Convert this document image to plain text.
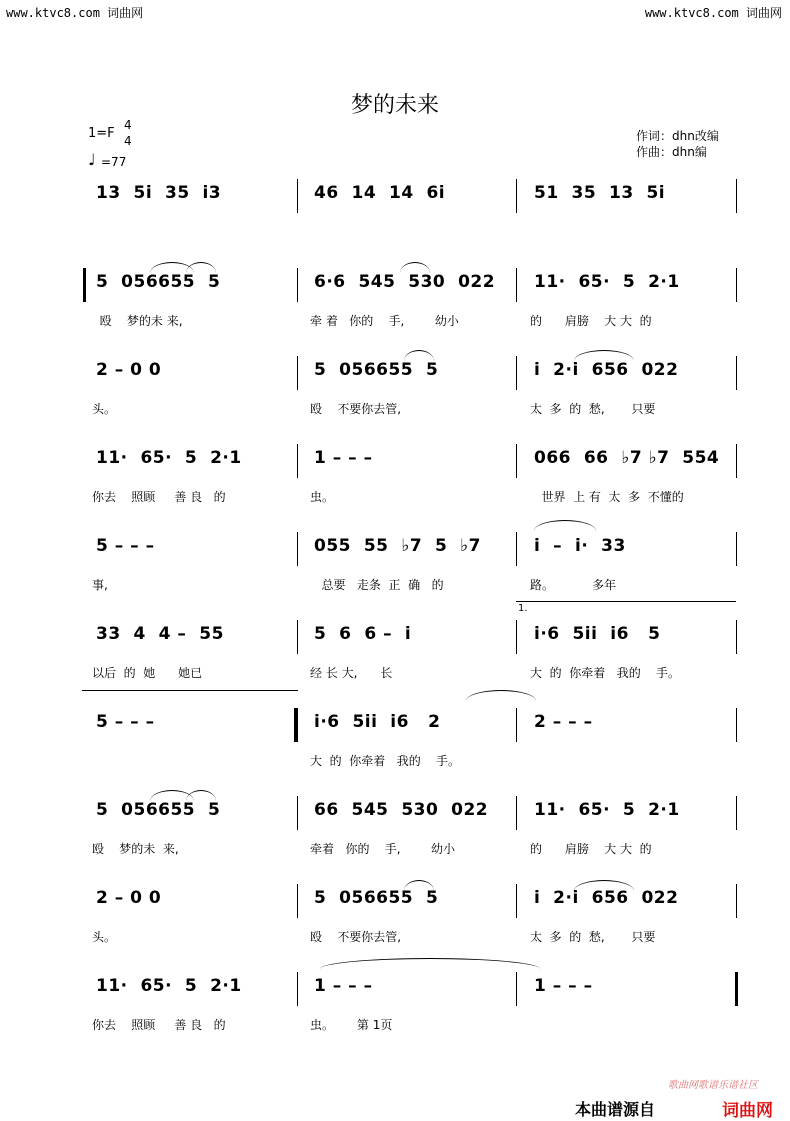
www.ktvc8.com 词曲网	www.ktvc8.com 词曲网
梦的未来
1=F
4
4
♩ =77
作词：dhn改编
作曲：dhn编
13  5i  35  i3	46  14  14  6i	51  35  13  5i
5  056655  5
殴    梦的未 来,
6·6  545  530  022
牵 着   你的    手,        幼小
11·  65·  5  2·1
的      肩膀    大 大  的
2 – 0 0
头。
5  056655  5
殴    不要你去管,
i  2·i  656  022
太  多  的  愁,       只要
11·  65·  5  2·1
你去    照顾     善 良   的
1 – – –
虫。
066  66  ♭7 ♭7  554
世界  上 有  太  多  不懂的
5 – – –
事,
055  55  ♭7  5  ♭7
总要   走条  正  确   的
i  –  i·  33
路。          多年
33  4  4 –  55
以后  的  她      她已
5  6  6 –  i
经 长 大,      长
i·6  5ii  i6   5
大  的  你牵着   我的    手。
5 – – –	i·6  5ii  i6   2
大  的  你牵着   我的    手。
2 – – –
5  056655  5
殴    梦的未  来,
66  545  530  022
牵着   你的    手,        幼小
11·  65·  5  2·1
的      肩膀    大 大  的
2 – 0 0
头。
5  056655  5
殴    不要你去管,
i  2·i  656  022
太  多  的  愁,       只要
11·  65·  5  2·1
你去    照顾     善 良   的
1 – – –
虫。      第 1页
1 – – –
1.
歌曲网歌谱乐谱社区
本曲谱源自	词曲网
